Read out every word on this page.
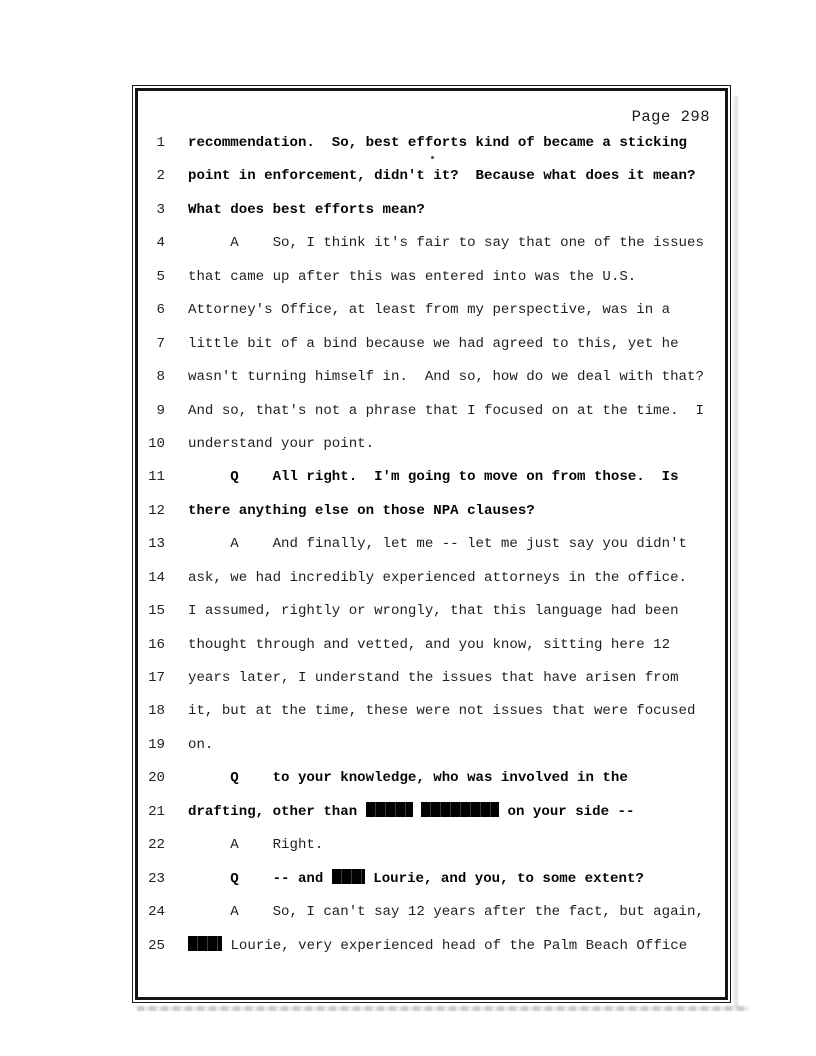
Page 298
1 recommendation.  So, best efforts kind of became a sticking
2 point in enforcement, didn't it?  Because what does it mean?
3 What does best efforts mean?
4 A    So, I think it's fair to say that one of the issues
5 that came up after this was entered into was the U.S.
6 Attorney's Office, at least from my perspective, was in a
7 little bit of a bind because we had agreed to this, yet he
8 wasn't turning himself in.  And so, how do we deal with that?
9 And so, that's not a phrase that I focused on at the time.  I
10 understand your point.
11 Q    All right.  I'm going to move on from those.  Is
12 there anything else on those NPA clauses?
13 A    And finally, let me -- let me just say you didn't
14 ask, we had incredibly experienced attorneys in the office.
15 I assumed, rightly or wrongly, that this language had been
16 thought through and vetted, and you know, sitting here 12
17 years later, I understand the issues that have arisen from
18 it, but at the time, these were not issues that were focused
19 on.
20 Q    to your knowledge, who was involved in the
21 drafting, other than	on your side --
22 A    Right.
23 Q    -- and  Lourie, and you, to some extent?
24 A    So, I can't say 12 years after the fact, but again,
25	Lourie, very experienced head of the Palm Beach Office
